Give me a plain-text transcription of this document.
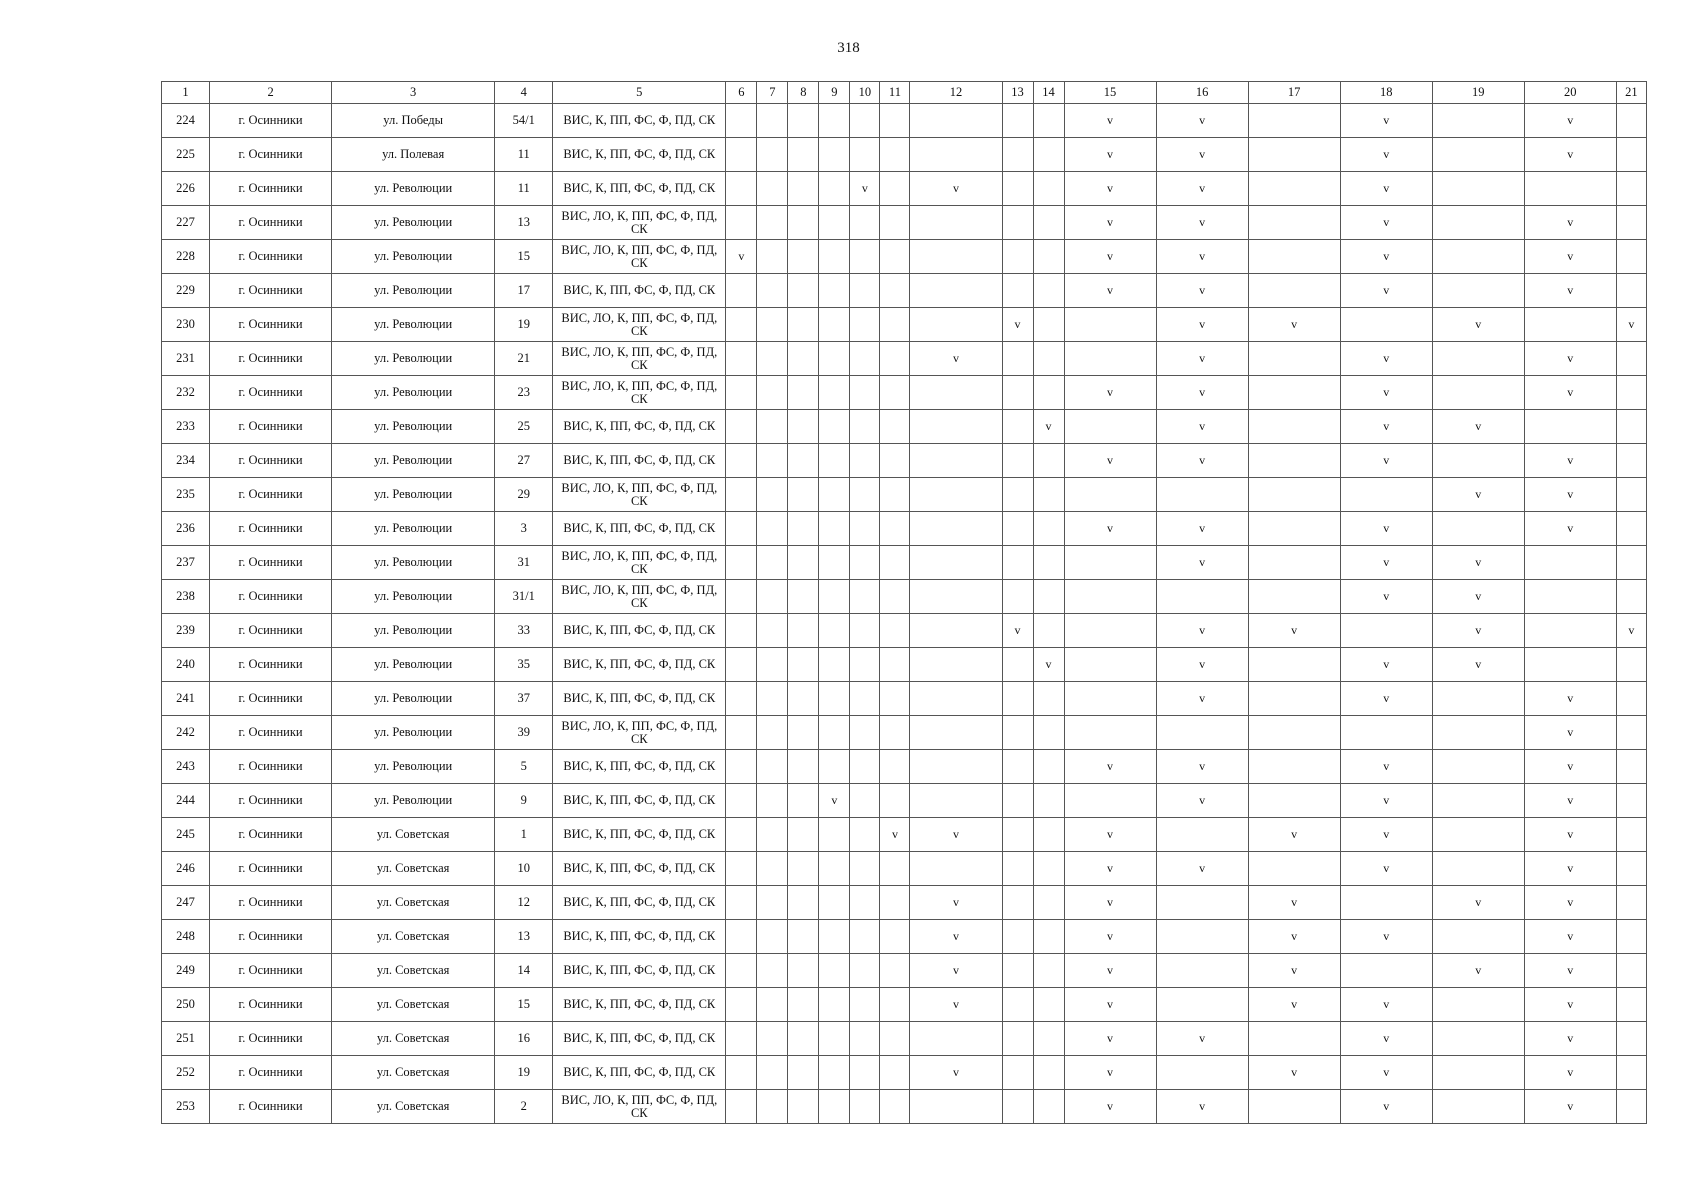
318
1	2	3	4	5	6	7	8	9	10	11	12	13	14	15	16	17	18	19	20	21
224	г. Осинники	ул. Победы	54/1	ВИС, К, ПП, ФС, Ф, ПД, СК										v	v		v		v	
225	г. Осинники	ул. Полевая	11	ВИС, К, ПП, ФС, Ф, ПД, СК										v	v		v		v	
226	г. Осинники	ул. Революции	11	ВИС, К, ПП, ФС, Ф, ПД, СК					v		v			v	v		v			
227	г. Осинники	ул. Революции	13	ВИС, ЛО, К, ПП, ФС, Ф, ПД, СК										v	v		v		v	
228	г. Осинники	ул. Революции	15	ВИС, ЛО, К, ПП, ФС, Ф, ПД, СК	v									v	v		v		v	
229	г. Осинники	ул. Революции	17	ВИС, К, ПП, ФС, Ф, ПД, СК										v	v		v		v	
230	г. Осинники	ул. Революции	19	ВИС, ЛО, К, ПП, ФС, Ф, ПД, СК								v			v	v		v		v
231	г. Осинники	ул. Революции	21	ВИС, ЛО, К, ПП, ФС, Ф, ПД, СК							v				v		v		v	
232	г. Осинники	ул. Революции	23	ВИС, ЛО, К, ПП, ФС, Ф, ПД, СК										v	v		v		v	
233	г. Осинники	ул. Революции	25	ВИС, К, ПП, ФС, Ф, ПД, СК									v		v		v	v		
234	г. Осинники	ул. Революции	27	ВИС, К, ПП, ФС, Ф, ПД, СК										v	v		v		v	
235	г. Осинники	ул. Революции	29	ВИС, ЛО, К, ПП, ФС, Ф, ПД, СК														v	v	
236	г. Осинники	ул. Революции	3	ВИС, К, ПП, ФС, Ф, ПД, СК										v	v		v		v	
237	г. Осинники	ул. Революции	31	ВИС, ЛО, К, ПП, ФС, Ф, ПД, СК											v		v	v		
238	г. Осинники	ул. Революции	31/1	ВИС, ЛО, К, ПП, ФС, Ф, ПД, СК													v	v		
239	г. Осинники	ул. Революции	33	ВИС, К, ПП, ФС, Ф, ПД, СК								v			v	v		v		v
240	г. Осинники	ул. Революции	35	ВИС, К, ПП, ФС, Ф, ПД, СК									v		v		v	v		
241	г. Осинники	ул. Революции	37	ВИС, К, ПП, ФС, Ф, ПД, СК											v		v		v	
242	г. Осинники	ул. Революции	39	ВИС, ЛО, К, ПП, ФС, Ф, ПД, СК															v	
243	г. Осинники	ул. Революции	5	ВИС, К, ПП, ФС, Ф, ПД, СК										v	v		v		v	
244	г. Осинники	ул. Революции	9	ВИС, К, ПП, ФС, Ф, ПД, СК				v							v		v		v	
245	г. Осинники	ул. Советская	1	ВИС, К, ПП, ФС, Ф, ПД, СК						v	v			v		v	v		v	
246	г. Осинники	ул. Советская	10	ВИС, К, ПП, ФС, Ф, ПД, СК										v	v		v		v	
247	г. Осинники	ул. Советская	12	ВИС, К, ПП, ФС, Ф, ПД, СК							v			v		v		v	v	
248	г. Осинники	ул. Советская	13	ВИС, К, ПП, ФС, Ф, ПД, СК							v			v		v	v		v	
249	г. Осинники	ул. Советская	14	ВИС, К, ПП, ФС, Ф, ПД, СК							v			v		v		v	v	
250	г. Осинники	ул. Советская	15	ВИС, К, ПП, ФС, Ф, ПД, СК							v			v		v	v		v	
251	г. Осинники	ул. Советская	16	ВИС, К, ПП, ФС, Ф, ПД, СК										v	v		v		v	
252	г. Осинники	ул. Советская	19	ВИС, К, ПП, ФС, Ф, ПД, СК							v			v		v	v		v	
253	г. Осинники	ул. Советская	2	ВИС, ЛО, К, ПП, ФС, Ф, ПД, СК										v	v		v		v	
